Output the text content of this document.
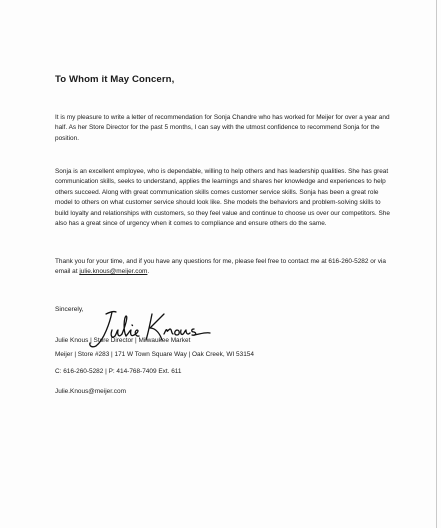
To Whom it May Concern,
It is my pleasure to write a letter of recommendation for Sonja Chandre who has worked for Meijer for over a year and half. As her Store Director for the past 5 months, I can say with the utmost confidence to recommend Sonja for the position.
Sonja is an excellent employee, who is dependable, willing to help others and has leadership qualities. She has great communication skills, seeks to understand, applies the learnings and shares her knowledge and experiences to help others succeed. Along with great communication skills comes customer service skills. Sonja has been a great role model to others on what customer service should look like. She models the behaviors and problem-solving skills to build loyalty and relationships with customers, so they feel value and continue to choose us over our competitors. She also has a great since of urgency when it comes to compliance and ensure others do the same.
Thank you for your time, and if you have any questions for me, please feel free to contact me at 616-260-5282 or via email at julie.knous@meijer.com.
Sincerely,
Julie Knous | Store Director | Milwaukee Market
Meijer | Store #283 | 171 W Town Square Way | Oak Creek, WI 53154
C: 616-260-5282 | P: 414-768-7409 Ext. 611
Julie.Knous@meijer.com
